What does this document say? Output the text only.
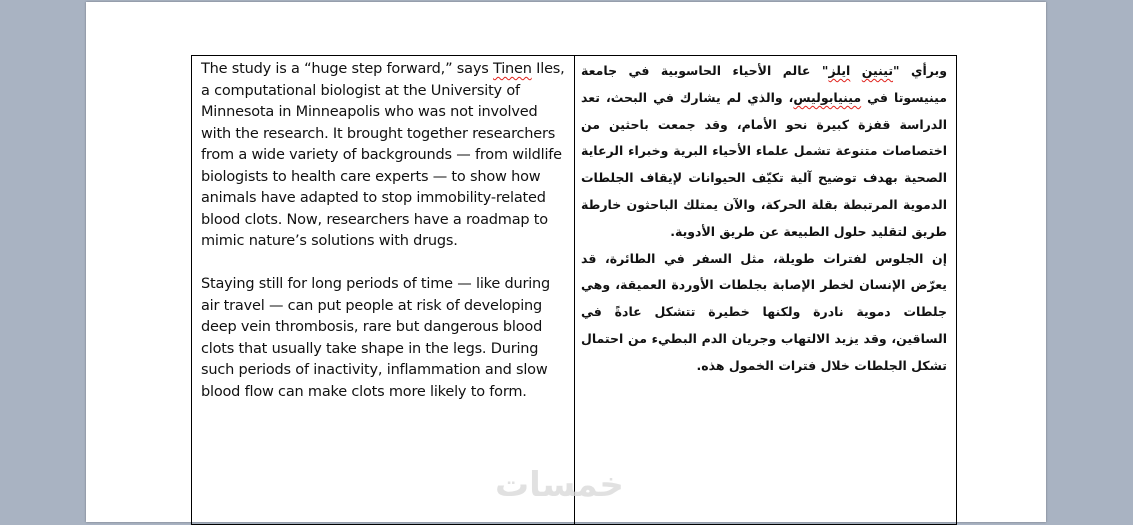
The study is a “huge step forward,” says Tinen Iles, a computational biologist at the University of Minnesota in Minneapolis who was not involved with the research. It brought together researchers from a wide variety of backgrounds — from wildlife biologists to health care experts — to show how animals have adapted to stop immobility-related blood clots. Now, researchers have a roadmap to mimic nature’s solutions with drugs.

Staying still for long periods of time — like during air travel — can put people at risk of developing deep vein thrombosis, rare but dangerous blood clots that usually take shape in the legs. During such periods of inactivity, inflammation and slow blood flow can make clots more likely to form.

وبرأي "تينين ايلز" عالم الأحياء الحاسوبية في جامعة مينيسوتا في مينيابوليس، والذي لم يشارك في البحث، تعد الدراسة قفزة كبيرة نحو الأمام، وقد جمعت باحثين من اختصاصات متنوعة تشمل علماء الأحياء البرية وخبراء الرعاية الصحية بهدف توضيح آلية تكيّف الحيوانات لإيقاف الجلطات الدموية المرتبطة بقلة الحركة، والآن يمتلك الباحثون خارطة طريق لتقليد حلول الطبيعة عن طريق الأدوية.

إن الجلوس لفترات طويلة، مثل السفر في الطائرة، قد يعرّض الإنسان لخطر الإصابة بجلطات الأوردة العميقة، وهي جلطات دموية نادرة ولكنها خطيرة تتشكل عادةً في الساقين، وقد يزيد الالتهاب وجريان الدم البطيء من احتمال تشكل الجلطات خلال فترات الخمول هذه.

خمسات
